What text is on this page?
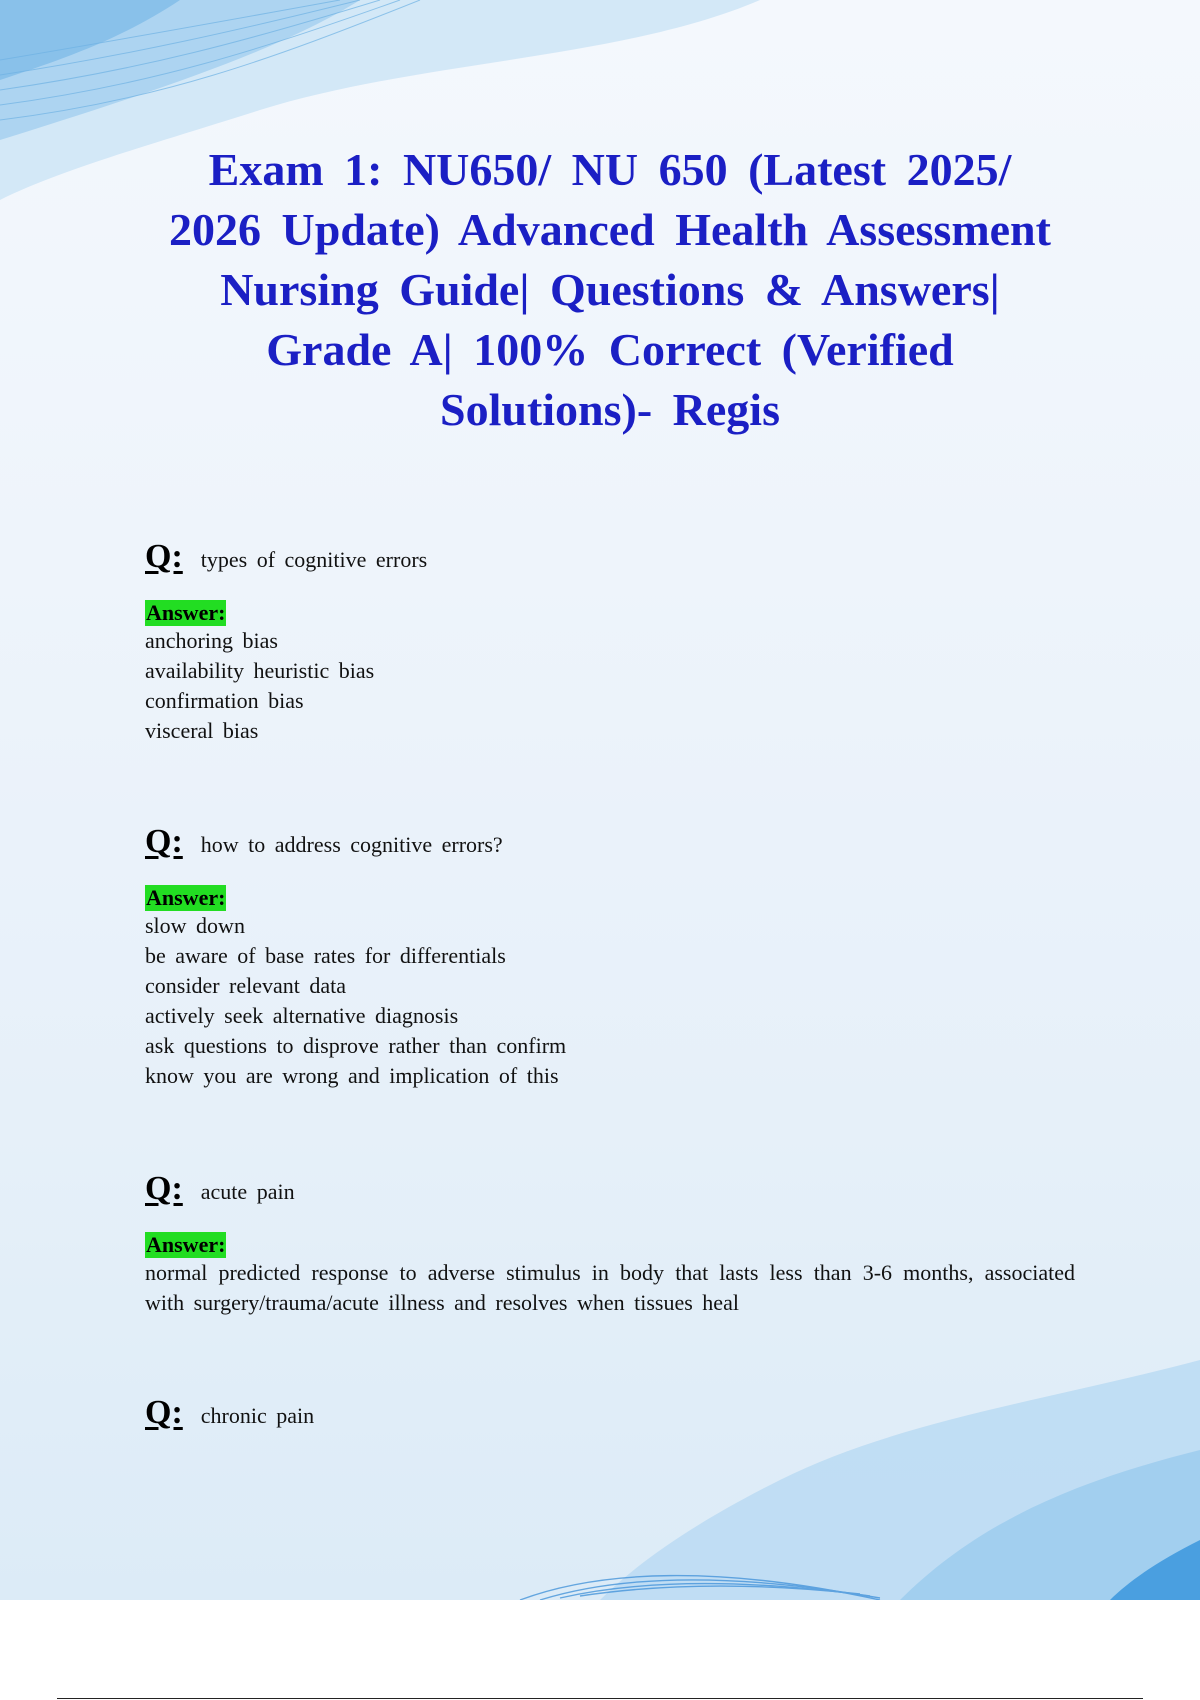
Exam 1: NU650/ NU 650 (Latest 2025/ 2026 Update) Advanced Health Assessment Nursing Guide| Questions & Answers| Grade A| 100% Correct (Verified Solutions)- Regis
Q: types of cognitive errors
Answer:
anchoring bias
availability heuristic bias
confirmation bias
visceral bias
Q: how to address cognitive errors?
Answer:
slow down
be aware of base rates for differentials
consider relevant data
actively seek alternative diagnosis
ask questions to disprove rather than confirm
know you are wrong and implication of this
Q: acute pain
Answer:
normal predicted response to adverse stimulus in body that lasts less than 3-6 months, associated with surgery/trauma/acute illness and resolves when tissues heal
Q: chronic pain
